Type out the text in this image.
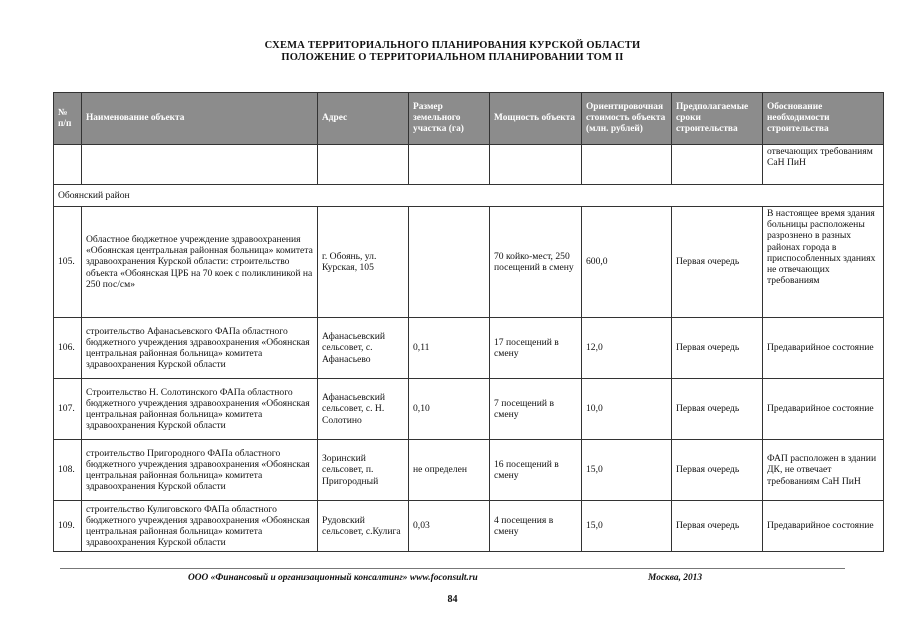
СХЕМА ТЕРРИТОРИАЛЬНОГО ПЛАНИРОВАНИЯ КУРСКОЙ ОБЛАСТИ
ПОЛОЖЕНИЕ О ТЕРРИТОРИАЛЬНОМ ПЛАНИРОВАНИИ ТОМ II
№ п/п	Наименование объекта	Адрес	Размер земельного участка (га)	Мощность объекта	Ориентировочная стоимость объекта (млн. рублей)	Предполагаемые сроки строительства	Обоснование необходимости строительства
							отвечающих требованиям СаН ПиН
Обоянский район							
105.	Областное бюджетное учреждение здравоохранения «Обоянская центральная районная больница» комитета здравоохранения Курской области: строительство объекта «Обоянская ЦРБ на 70 коек с поликлиникой на 250 пос/см»	г. Обоянь, ул. Курская, 105		70 койко-мест, 250 посещений в смену	600,0	Первая очередь	В настоящее время здания больницы расположены разрознено в разных районах города в приспособленных зданиях не отвечающих требованиям
106.	строительство Афанасьевского ФАПа областного бюджетного учреждения здравоохранения «Обоянская центральная районная больница» комитета здравоохранения Курской области	Афанасьевский сельсовет, с. Афанасьево	0,11	17 посещений в смену	12,0	Первая очередь	Предаварийное состояние
107.	Строительство Н. Солотинского ФАПа областного бюджетного учреждения здравоохранения «Обоянская центральная районная больница» комитета здравоохранения Курской области	Афанасьевский сельсовет, с. Н. Солотино	0,10	7 посещений в смену	10,0	Первая очередь	Предаварийное состояние
108.	строительство Пригородного ФАПа областного бюджетного учреждения здравоохранения «Обоянская центральная районная больница» комитета здравоохранения Курской области	Зоринский сельсовет, п. Пригородный	не определен	16 посещений в смену	15,0	Первая очередь	ФАП расположен в здании ДК, не отвечает требованиям СаН ПиН
109.	строительство Кулиговского ФАПа областного бюджетного учреждения здравоохранения «Обоянская центральная районная больница» комитета здравоохранения Курской области	Рудовский сельсовет, с.Кулига	0,03	4 посещения в смену	15,0	Первая очередь	Предаварийное состояние
ООО «Финансовый и организационный консалтинг» www.foconsult.ru	Москва, 2013
84
